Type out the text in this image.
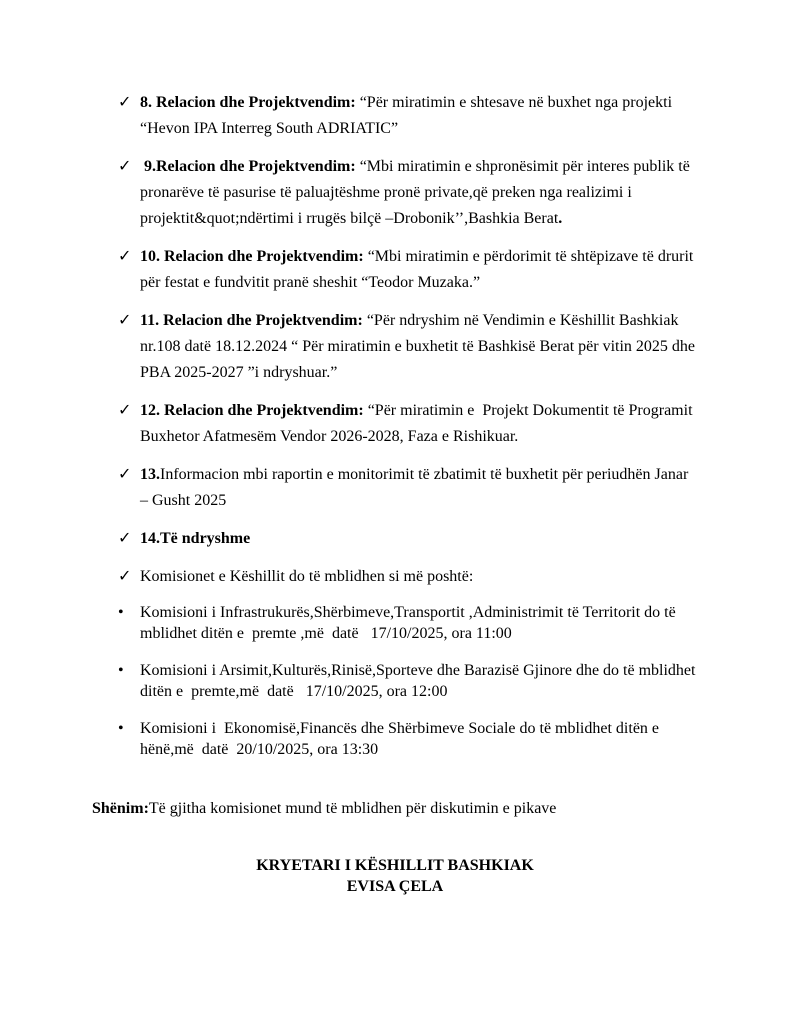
✓ 8. Relacion dhe Projektvendim: “Për miratimin e shtesave në buxhet nga projekti “Hevon IPA Interreg South ADRIATIC”

✓ 9.Relacion dhe Projektvendim: “Mbi miratimin e shpronësimit për interes publik të pronarëve të pasurise të paluajtëshme pronë private,që preken nga realizimi i projektit&quot;ndërtimi i rrugës bilçë –Drobonik’’,Bashkia Berat.

✓ 10. Relacion dhe Projektvendim: “Mbi miratimin e përdorimit të shtëpizave të drurit për festat e fundvitit pranë sheshit “Teodor Muzaka.”

✓ 11. Relacion dhe Projektvendim: “Për ndryshim në Vendimin e Këshillit Bashkiak nr.108 datë 18.12.2024 “ Për miratimin e buxhetit të Bashkisë Berat për vitin 2025 dhe PBA 2025-2027 ”i ndryshuar.”

✓ 12. Relacion dhe Projektvendim: “Për miratimin e  Projekt Dokumentit të Programit Buxhetor Afatmesëm Vendor 2026-2028, Faza e Rishikuar.

✓ 13.Informacion mbi raportin e monitorimit të zbatimit të buxhetit për periudhën Janar – Gusht 2025

✓ 14.Të ndryshme

✓ Komisionet e Këshillit do të mblidhen si më poshtë:

• Komisioni i Infrastrukurës,Shërbimeve,Transportit ,Administrimit të Territorit do të mblidhet ditën e  premte ,më  datë   17/10/2025, ora 11:00

• Komisioni i Arsimit,Kulturës,Rinisë,Sporteve dhe Barazisë Gjinore dhe do të mblidhet ditën e  premte,më  datë   17/10/2025, ora 12:00

• Komisioni i  Ekonomisë,Financës dhe Shërbimeve Sociale do të mblidhet ditën e hënë,më  datë  20/10/2025, ora 13:30

Shënim:Të gjitha komisionet mund të mblidhen për diskutimin e pikave

KRYETARI I KËSHILLIT BASHKIAK
EVISA ÇELA
